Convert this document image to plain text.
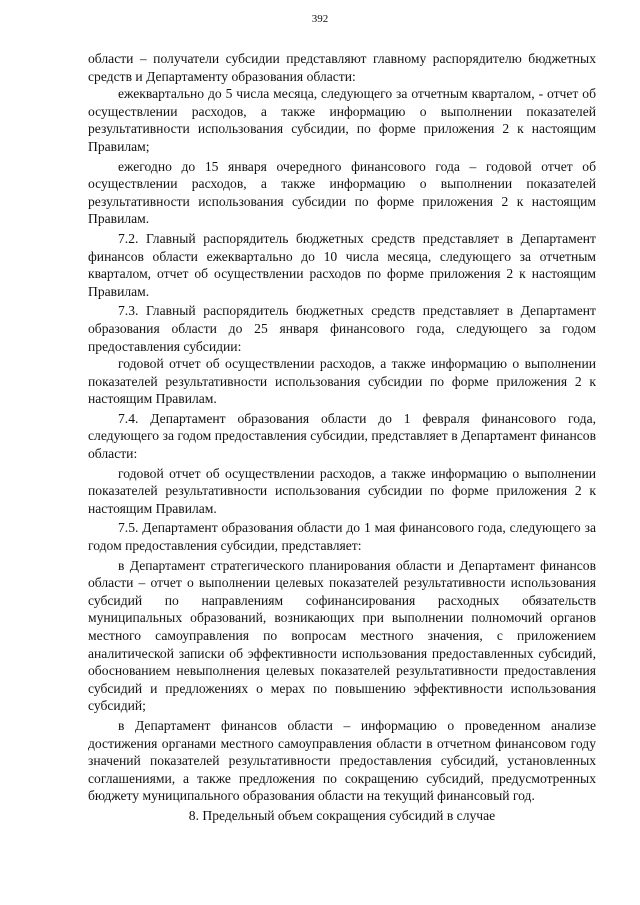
392

области – получатели субсидии представляют главному распорядителю бюджетных средств и Департаменту образования области:

ежеквартально до 5 числа месяца, следующего за отчетным кварталом, - отчет об осуществлении расходов, а также информацию о выполнении показателей результативности использования субсидии, по форме приложения 2 к настоящим Правилам;

ежегодно до 15 января очередного финансового года – годовой отчет об осуществлении расходов, а также информацию о выполнении показателей результативности использования субсидии по форме приложения 2 к настоящим Правилам.

7.2. Главный распорядитель бюджетных средств представляет в Департамент финансов области ежеквартально до 10 числа месяца, следующего за отчетным кварталом, отчет об осуществлении расходов по форме приложения 2 к настоящим Правилам.

7.3. Главный распорядитель бюджетных средств представляет в Департамент образования области до 25 января финансового года, следующего за годом предоставления субсидии:

годовой отчет об осуществлении расходов, а также информацию о выполнении показателей результативности использования субсидии по форме приложения 2 к настоящим Правилам.

7.4. Департамент образования области до 1 февраля финансового года, следующего за годом предоставления субсидии, представляет в Департамент финансов области:

годовой отчет об осуществлении расходов, а также информацию о выполнении показателей результативности использования субсидии по форме приложения 2 к настоящим Правилам.

7.5. Департамент образования области до 1 мая финансового года, следующего за годом предоставления субсидии, представляет:

в Департамент стратегического планирования области и Департамент финансов области – отчет о выполнении целевых показателей результативности использования субсидий по направлениям софинансирования расходных обязательств муниципальных образований, возникающих при выполнении полномочий органов местного самоуправления по вопросам местного значения, с приложением аналитической записки об эффективности использования предоставленных субсидий, обоснованием невыполнения целевых показателей результативности предоставления субсидий и предложениях о мерах по повышению эффективности использования субсидий;

в Департамент финансов области – информацию о проведенном анализе достижения органами местного самоуправления области в отчетном финансовом году значений показателей результативности предоставления субсидий, установленных соглашениями, а также предложения по сокращению субсидий, предусмотренных бюджету муниципального образования области на текущий финансовый год.

8. Предельный объем сокращения субсидий в случае
